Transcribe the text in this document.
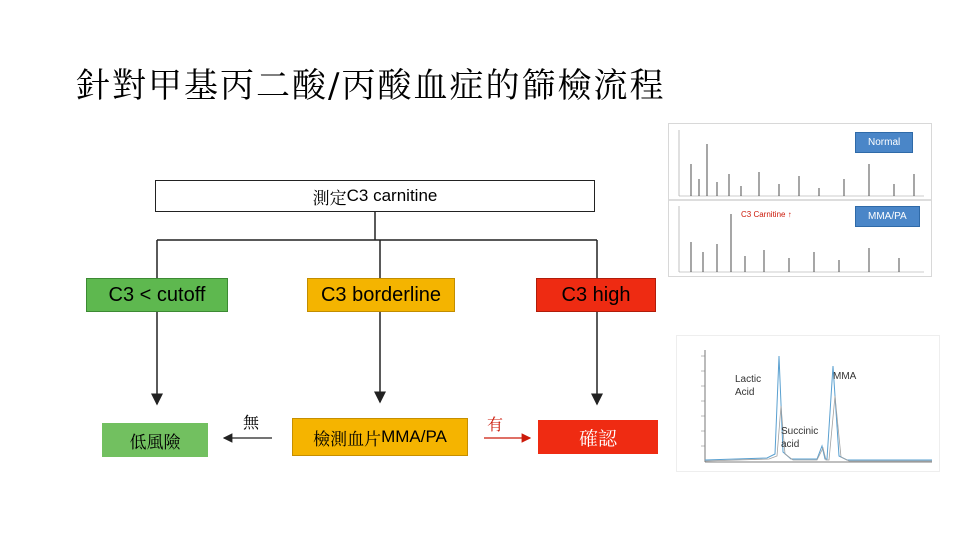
針對甲基丙二酸/丙酸血症的篩檢流程
測定 C3 carnitine
C3 < cutoff	C3 borderline	C3 high
低風險	檢測血片 MMA/PA	確認
無	有
Normal
MMA/PA
C3 Carnitine ↑
Lactic
Acid
Succinic
acid
MMA
